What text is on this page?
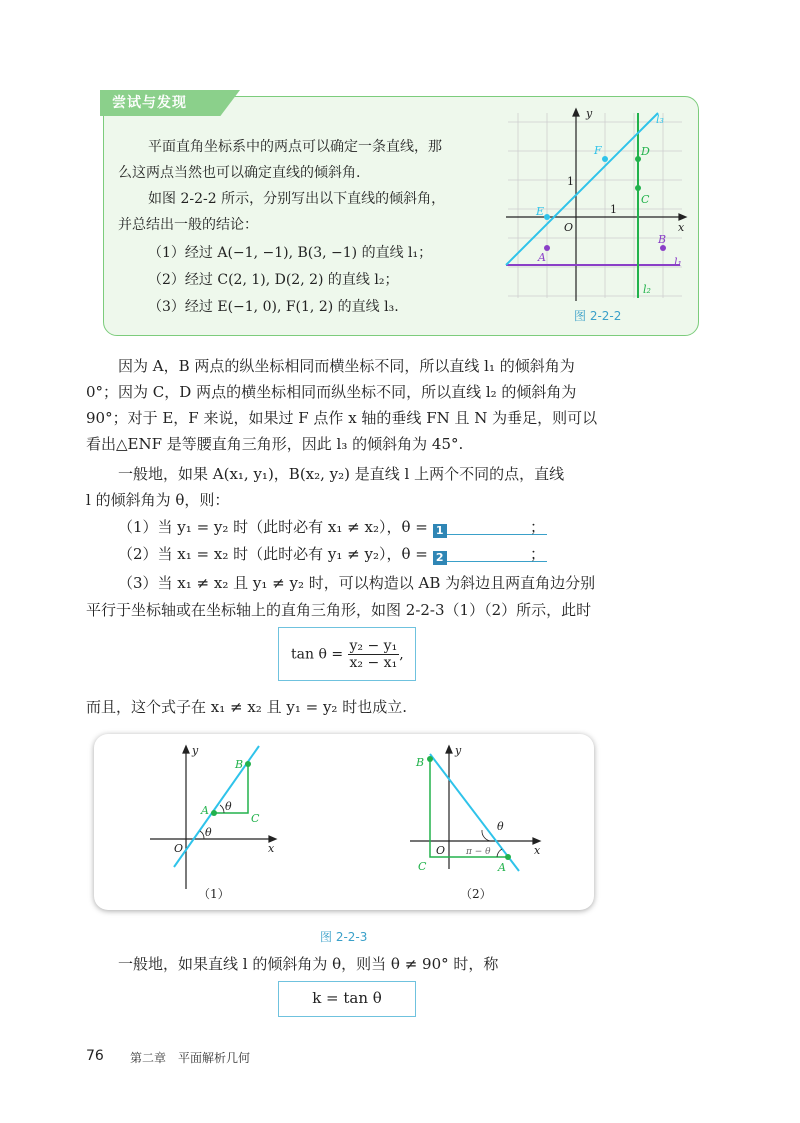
尝试与发现
平面直角坐标系中的两点可以确定一条直线，那
么这两点当然也可以确定直线的倾斜角.
如图 2-2-2 所示，分别写出以下直线的倾斜角，
并总结出一般的结论：
（1）经过 A(−1, −1), B(3, −1) 的直线 l₁；
（2）经过 C(2, 1), D(2, 2) 的直线 l₂；
（3）经过 E(−1, 0), F(1, 2) 的直线 l₃.
y
x
O
1
1
l₃
l₁
l₂
A
B
C
D
E
F
图 2-2-2
因为 A，B 两点的纵坐标相同而横坐标不同，所以直线 l₁ 的倾斜角为
0°；因为 C，D 两点的横坐标相同而纵坐标不同，所以直线 l₂ 的倾斜角为
90°；对于 E，F 来说，如果过 F 点作 x 轴的垂线 FN 且 N 为垂足，则可以
看出△ENF 是等腰直角三角形，因此 l₃ 的倾斜角为 45°.
一般地，如果 A(x₁, y₁)，B(x₂, y₂) 是直线 l 上两个不同的点，直线
l 的倾斜角为 θ，则：
（1）当 y₁ = y₂ 时（此时必有 x₁ ≠ x₂），θ = 1	；
（2）当 x₁ = x₂ 时（此时必有 y₁ ≠ y₂），θ = 2	；
（3）当 x₁ ≠ x₂ 且 y₁ ≠ y₂ 时，可以构造以 AB 为斜边且两直角边分别
平行于坐标轴或在坐标轴上的直角三角形，如图 2-2-3（1）（2）所示，此时
$\tan \theta = \frac{\text{y₂ − y₁}}{\text{x₂ − x₁}}$ ,
而且，这个式子在 x₁ ≠ x₂ 且 y₁ = y₂ 时也成立.
y
x
O
A
B
C
θ
θ
y
x
O
A
B
C
θ
π − θ
（1）	（2）
图 2-2-3
一般地，如果直线 l 的倾斜角为 θ，则当 θ ≠ 90° 时，称
k = tan θ
76 第二章　平面解析几何
